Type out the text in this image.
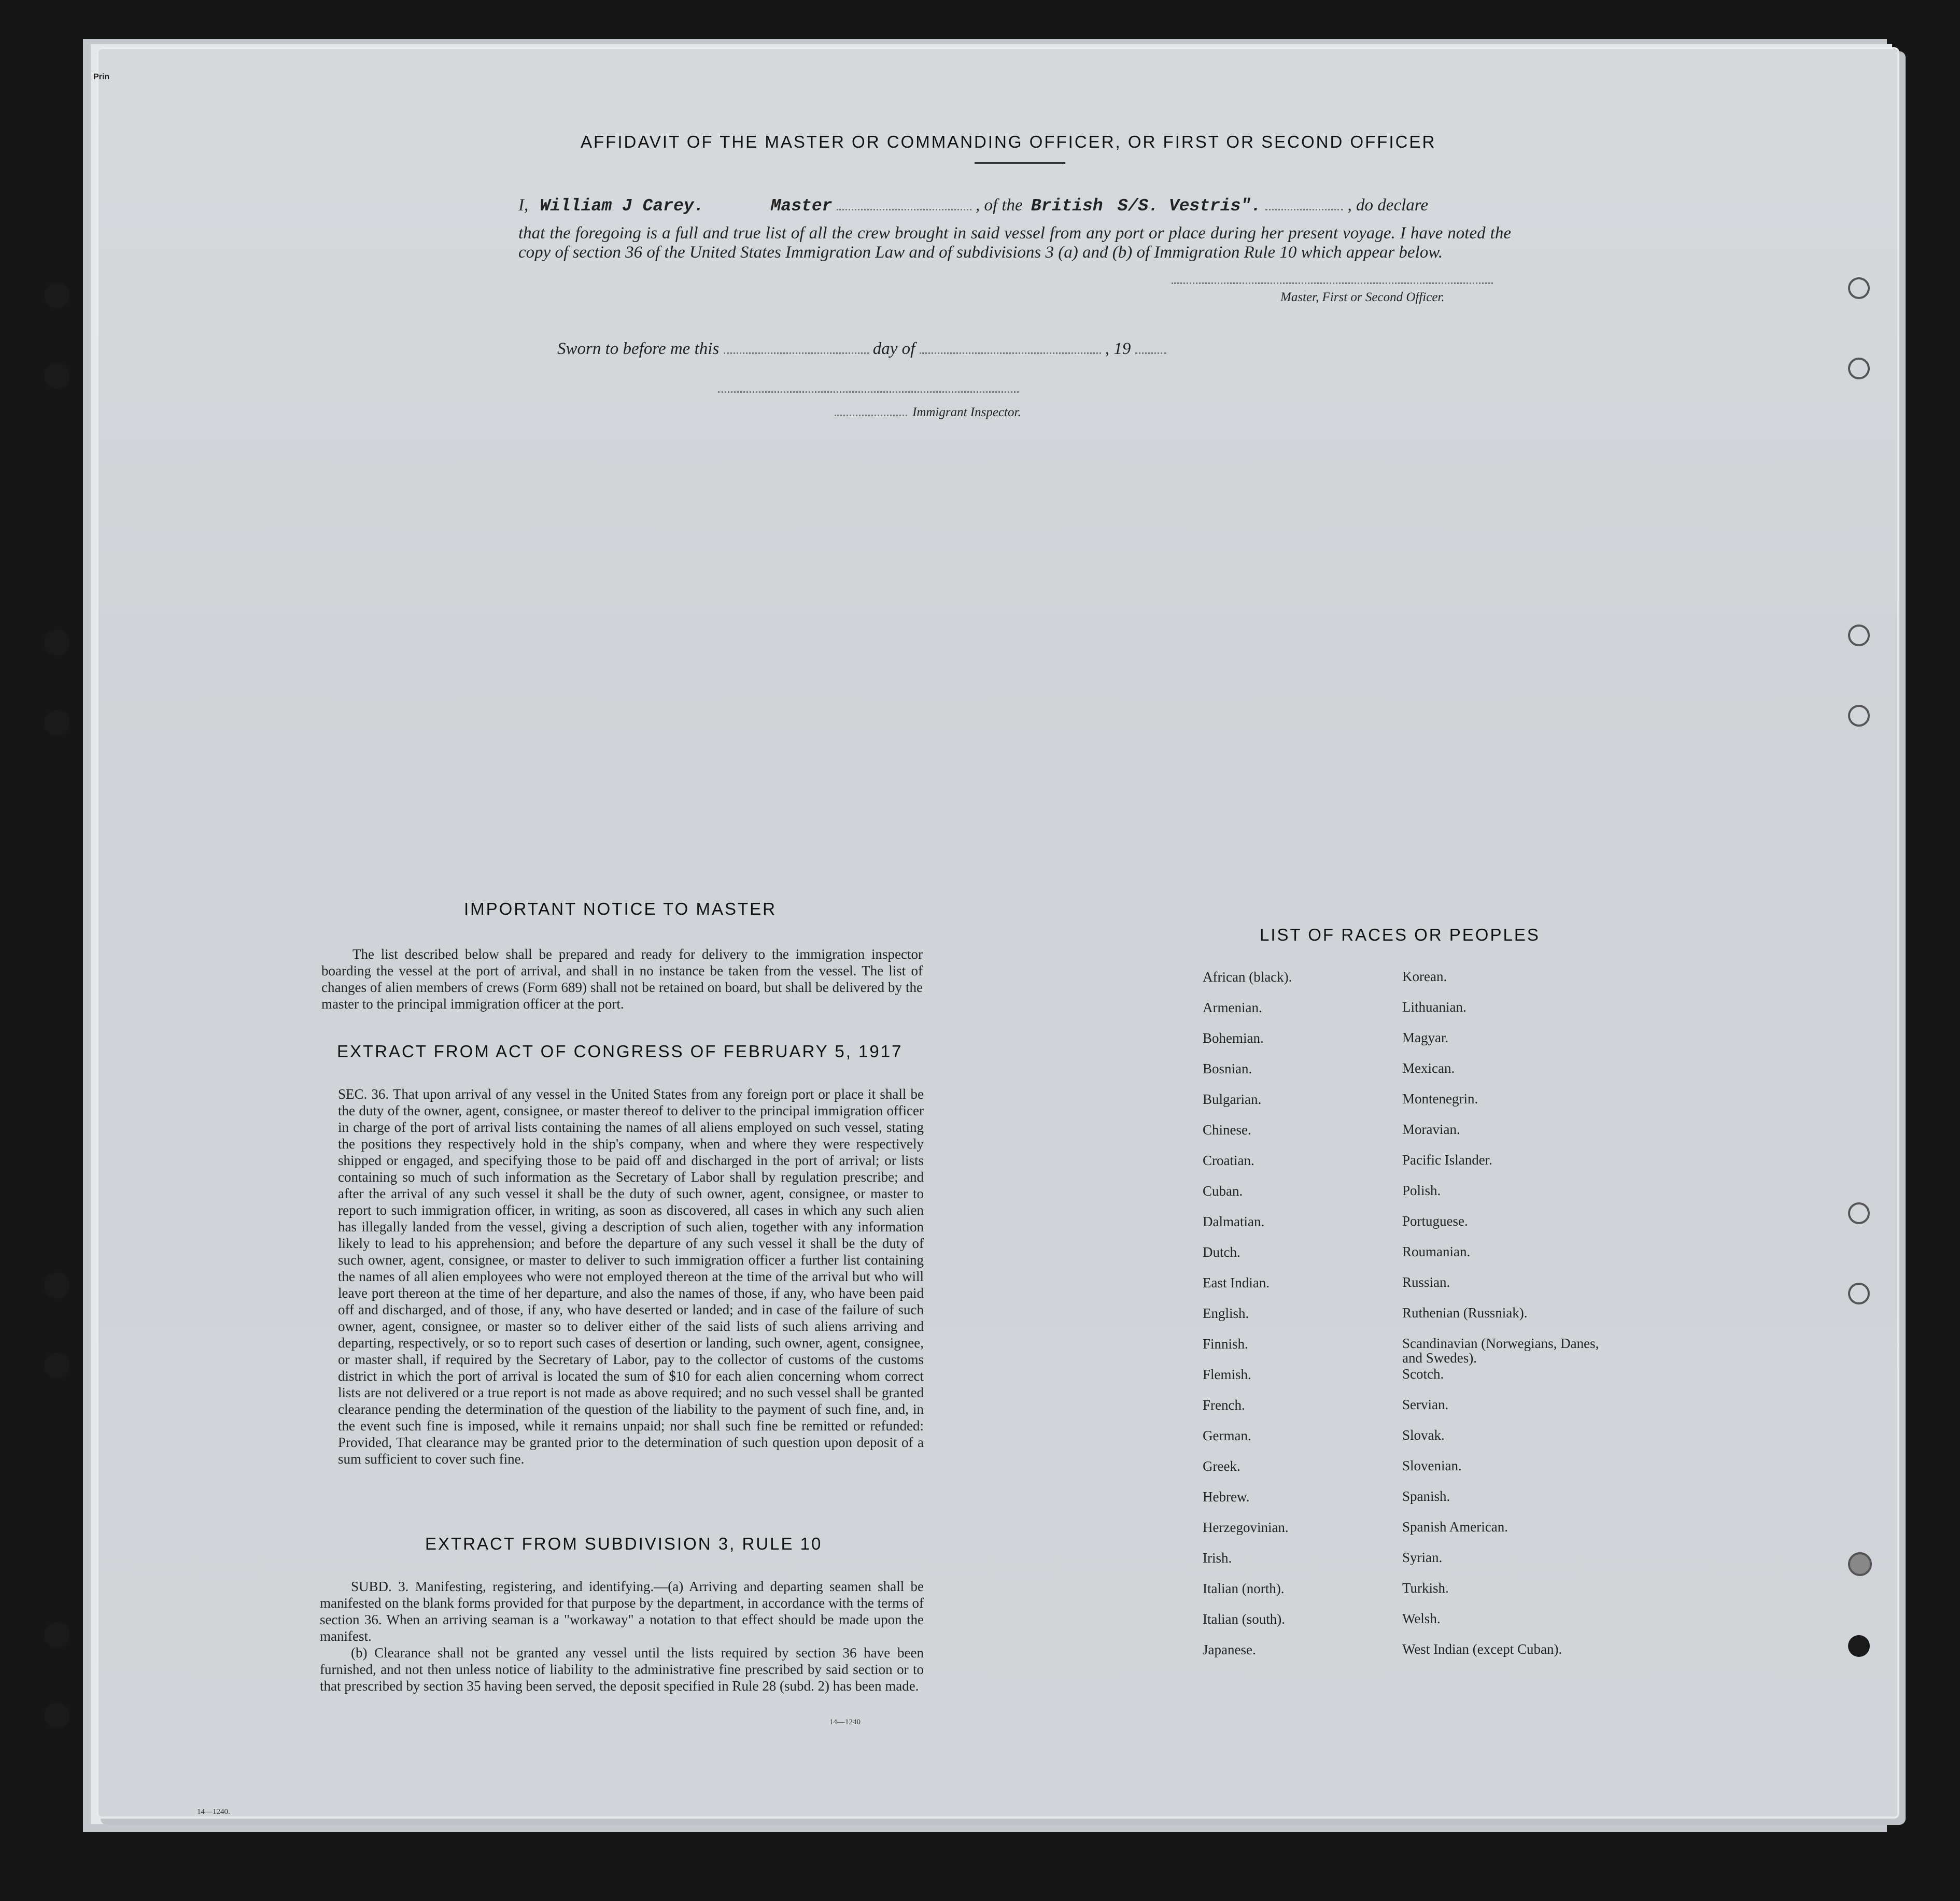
Prin
AFFIDAVIT OF THE MASTER OR COMMANDING OFFICER, OR FIRST OR SECOND OFFICER
I, William J Carey.	Master	, of the British S/S. Vestris".	, do declare
that the foregoing is a full and true list of all the crew brought in said vessel from any port or place during her present voyage. I have noted the copy of section 36 of the United States Immigration Law and of subdivisions 3 (a) and (b) of Immigration Rule 10 which appear below.
Master, First or Second Officer.
Sworn to before me this	day of	, 19
Immigrant Inspector.
IMPORTANT NOTICE TO MASTER
The list described below shall be prepared and ready for delivery to the immigration inspector boarding the vessel at the port of arrival, and shall in no instance be taken from the vessel. The list of changes of alien members of crews (Form 689) shall not be retained on board, but shall be delivered by the master to the principal immigration officer at the port.
EXTRACT FROM ACT OF CONGRESS OF FEBRUARY 5, 1917
SEC. 36. That upon arrival of any vessel in the United States from any foreign port or place it shall be the duty of the owner, agent, consignee, or master thereof to deliver to the principal immigration officer in charge of the port of arrival lists containing the names of all aliens employed on such vessel, stating the positions they respectively hold in the ship's company, when and where they were respectively shipped or engaged, and specifying those to be paid off and discharged in the port of arrival; or lists containing so much of such information as the Secretary of Labor shall by regulation prescribe; and after the arrival of any such vessel it shall be the duty of such owner, agent, consignee, or master to report to such immigration officer, in writing, as soon as discovered, all cases in which any such alien has illegally landed from the vessel, giving a description of such alien, together with any information likely to lead to his apprehension; and before the departure of any such vessel it shall be the duty of such owner, agent, consignee, or master to deliver to such immigration officer a further list containing the names of all alien employees who were not employed thereon at the time of the arrival but who will leave port thereon at the time of her departure, and also the names of those, if any, who have been paid off and discharged, and of those, if any, who have deserted or landed; and in case of the failure of such owner, agent, consignee, or master so to deliver either of the said lists of such aliens arriving and departing, respectively, or so to report such cases of desertion or landing, such owner, agent, consignee, or master shall, if required by the Secretary of Labor, pay to the collector of customs of the customs district in which the port of arrival is located the sum of $10 for each alien concerning whom correct lists are not delivered or a true report is not made as above required; and no such vessel shall be granted clearance pending the determination of the question of the liability to the payment of such fine, and, in the event such fine is imposed, while it remains unpaid; nor shall such fine be remitted or refunded: Provided, That clearance may be granted prior to the determination of such question upon deposit of a sum sufficient to cover such fine.
EXTRACT FROM SUBDIVISION 3, RULE 10

SUBD. 3. Manifesting, registering, and identifying.—(a) Arriving and departing seamen shall be manifested on the blank forms provided for that purpose by the department, in accordance with the terms of section 36. When an arriving seaman is a "workaway" a notation to that effect should be made upon the manifest.

(b) Clearance shall not be granted any vessel until the lists required by section 36 have been furnished, and not then unless notice of liability to the administrative fine prescribed by said section or to that prescribed by section 35 having been served, the deposit specified in Rule 28 (subd. 2) has been made.

14—1240
14—1240.
LIST OF RACES OR PEOPLES
African (black).	Korean.
Armenian.	Lithuanian.
Bohemian.	Magyar.
Bosnian.	Mexican.
Bulgarian.	Montenegrin.
Chinese.	Moravian.
Croatian.	Pacific Islander.
Cuban.	Polish.
Dalmatian.	Portuguese.
Dutch.	Roumanian.
East Indian.	Russian.
English.	Ruthenian (Russniak).
Finnish.	Scandinavian (Norwegians, Danes, and Swedes).
Flemish.	Scotch.
French.	Servian.
German.	Slovak.
Greek.	Slovenian.
Hebrew.	Spanish.
Herzegovinian.	Spanish American.
Irish.	Syrian.
Italian (north).	Turkish.
Italian (south).	Welsh.
Japanese.	West Indian (except Cuban).
